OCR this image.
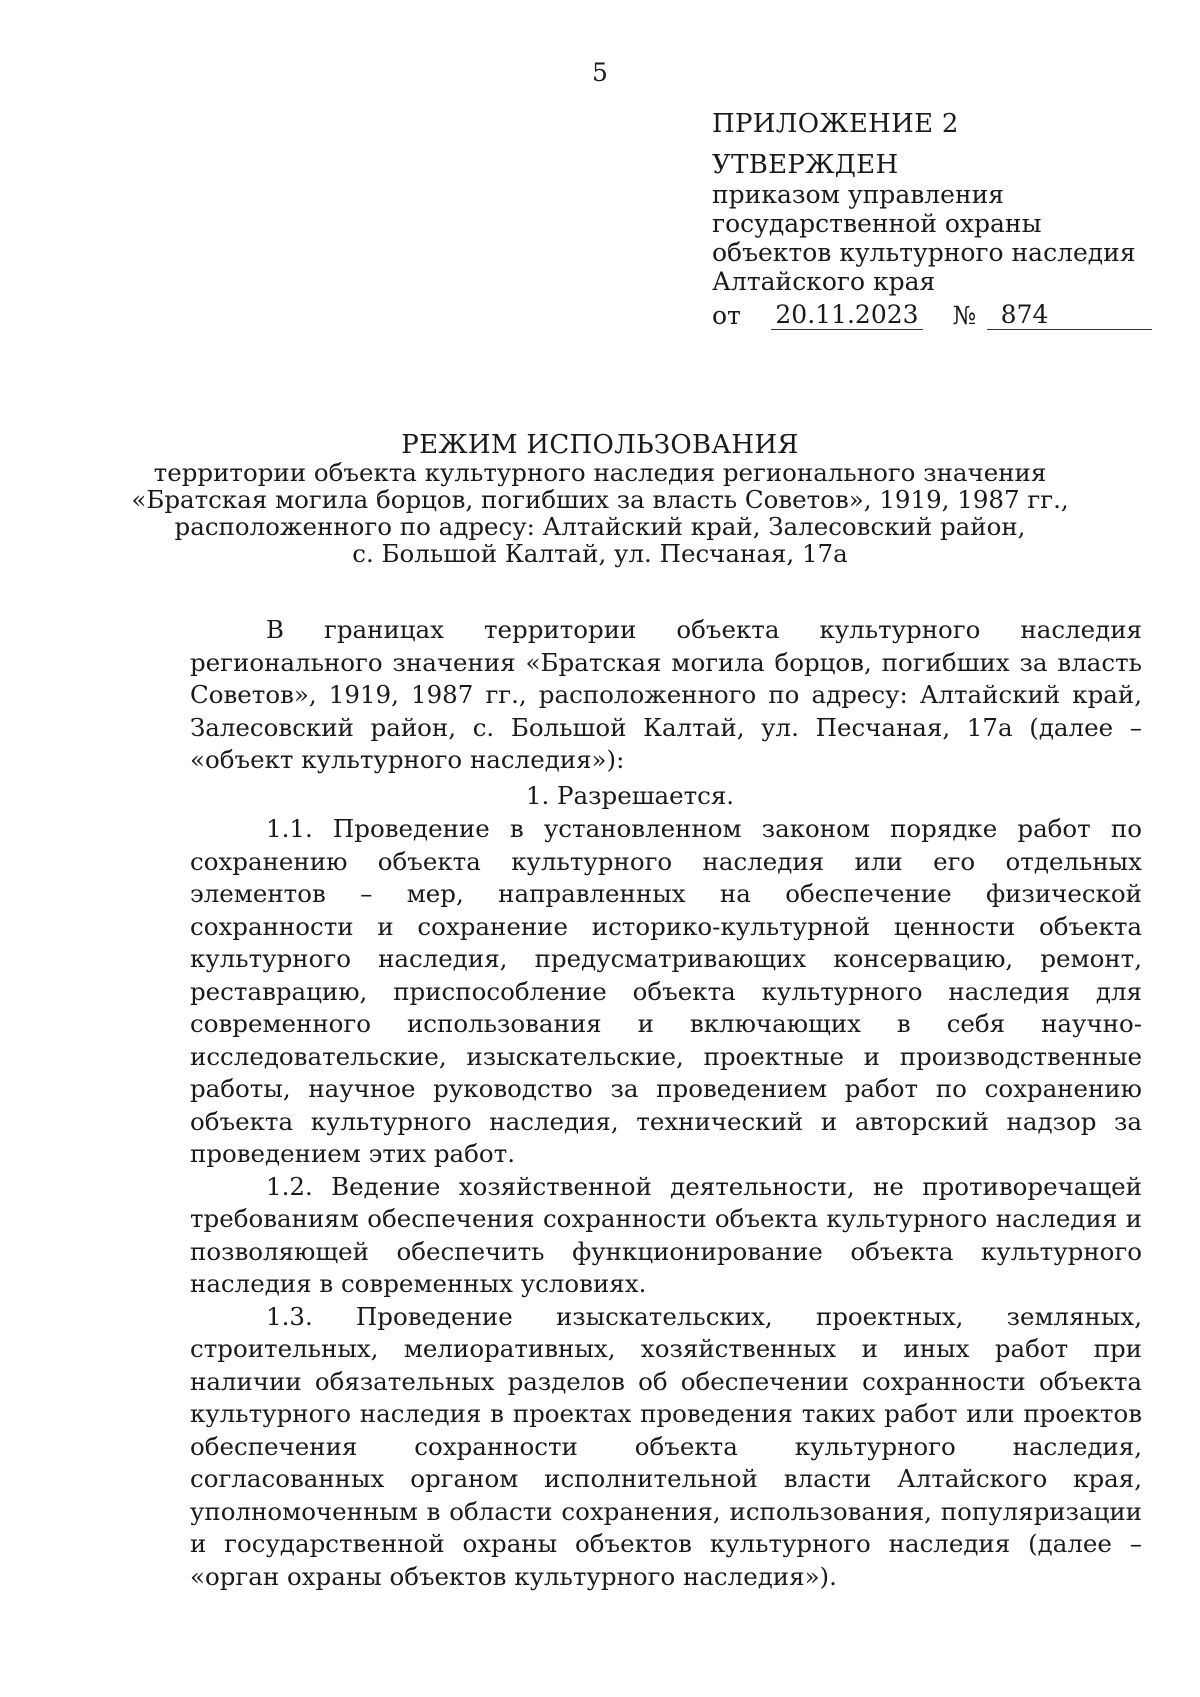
5
ПРИЛОЖЕНИЕ 2
УТВЕРЖДЕН
приказом управления
государственной охраны
объектов культурного наследия
Алтайского края
от	20.11.2023 № 874
РЕЖИМ ИСПОЛЬЗОВАНИЯ
территории объекта культурного наследия регионального значения
«Братская могила борцов, погибших за власть Советов», 1919, 1987 гг.,
расположенного по адресу: Алтайский край, Залесовский район,
с. Большой Калтай, ул. Песчаная, 17а
В границах территории объекта культурного наследия регионального значения «Братская могила борцов, погибших за власть Советов», 1919, 1987 гг., расположенного по адресу: Алтайский край, Залесовский район, с. Большой Калтай, ул. Песчаная, 17а (далее – «объект культурного наследия»):
1. Разрешается.

1.1. Проведение в установленном законом порядке работ по сохранению объекта культурного наследия или его отдельных элементов – мер, направленных на обеспечение физической сохранности и сохранение историко-культурной ценности объекта культурного наследия, предусматривающих консервацию, ремонт, реставрацию, приспособление объекта культурного наследия для современного использования и включающих в себя научно-исследовательские, изыскательские, проектные и производственные работы, научное руководство за проведением работ по сохранению объекта культурного наследия, технический и авторский надзор за проведением этих работ.

1.2. Ведение хозяйственной деятельности, не противоречащей требованиям обеспечения сохранности объекта культурного наследия и позволяющей обеспечить функционирование объекта культурного наследия в современных условиях.

1.3. Проведение изыскательских, проектных, земляных, строительных, мелиоративных, хозяйственных и иных работ при наличии обязательных разделов об обеспечении сохранности объекта культурного наследия в проектах проведения таких работ или проектов обеспечения сохранности объекта культурного наследия, согласованных органом исполнительной власти Алтайского края, уполномоченным в области сохранения, использования, популяризации и государственной охраны объектов культурного наследия (далее – «орган охраны объектов культурного наследия»).
